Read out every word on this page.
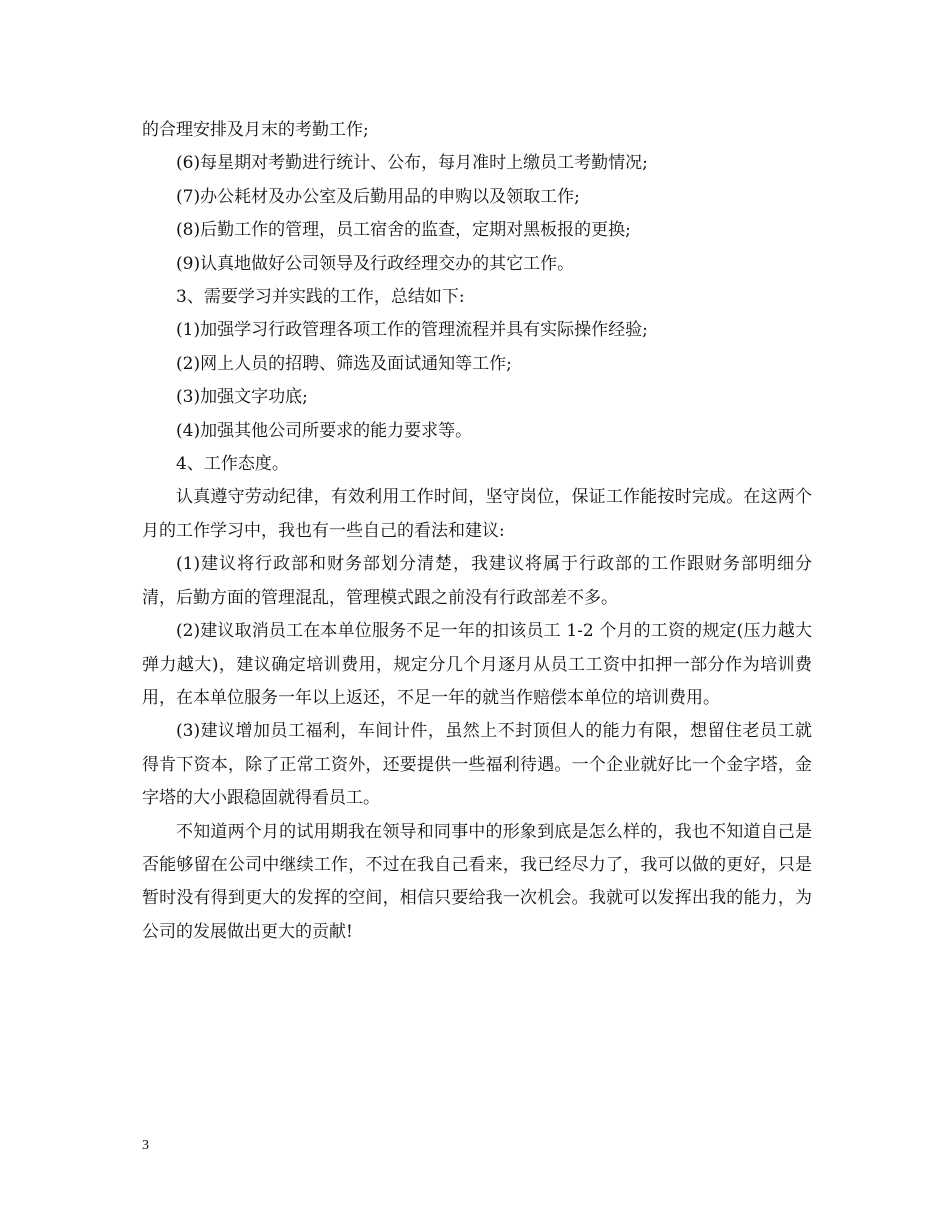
的合理安排及月末的考勤工作;

(6)每星期对考勤进行统计、公布，每月准时上缴员工考勤情况;

(7)办公耗材及办公室及后勤用品的申购以及领取工作;

(8)后勤工作的管理，员工宿舍的监查，定期对黑板报的更换;

(9)认真地做好公司领导及行政经理交办的其它工作。

3、需要学习并实践的工作，总结如下:

(1)加强学习行政管理各项工作的管理流程并具有实际操作经验;

(2)网上人员的招聘、筛选及面试通知等工作;

(3)加强文字功底;

(4)加强其他公司所要求的能力要求等。

4、工作态度。

认真遵守劳动纪律，有效利用工作时间，坚守岗位，保证工作能按时完成。在这两个月的工作学习中，我也有一些自己的看法和建议:

(1)建议将行政部和财务部划分清楚，我建议将属于行政部的工作跟财务部明细分清，后勤方面的管理混乱，管理模式跟之前没有行政部差不多。

(2)建议取消员工在本单位服务不足一年的扣该员工 1-2 个月的工资的规定(压力越大弹力越大)，建议确定培训费用，规定分几个月逐月从员工工资中扣押一部分作为培训费用，在本单位服务一年以上返还，不足一年的就当作赔偿本单位的培训费用。

(3)建议增加员工福利，车间计件，虽然上不封顶但人的能力有限，想留住老员工就得肯下资本，除了正常工资外，还要提供一些福利待遇。一个企业就好比一个金字塔，金字塔的大小跟稳固就得看员工。

不知道两个月的试用期我在领导和同事中的形象到底是怎么样的，我也不知道自己是否能够留在公司中继续工作，不过在我自己看来，我已经尽力了，我可以做的更好，只是暂时没有得到更大的发挥的空间，相信只要给我一次机会。我就可以发挥出我的能力，为公司的发展做出更大的贡献!

3
